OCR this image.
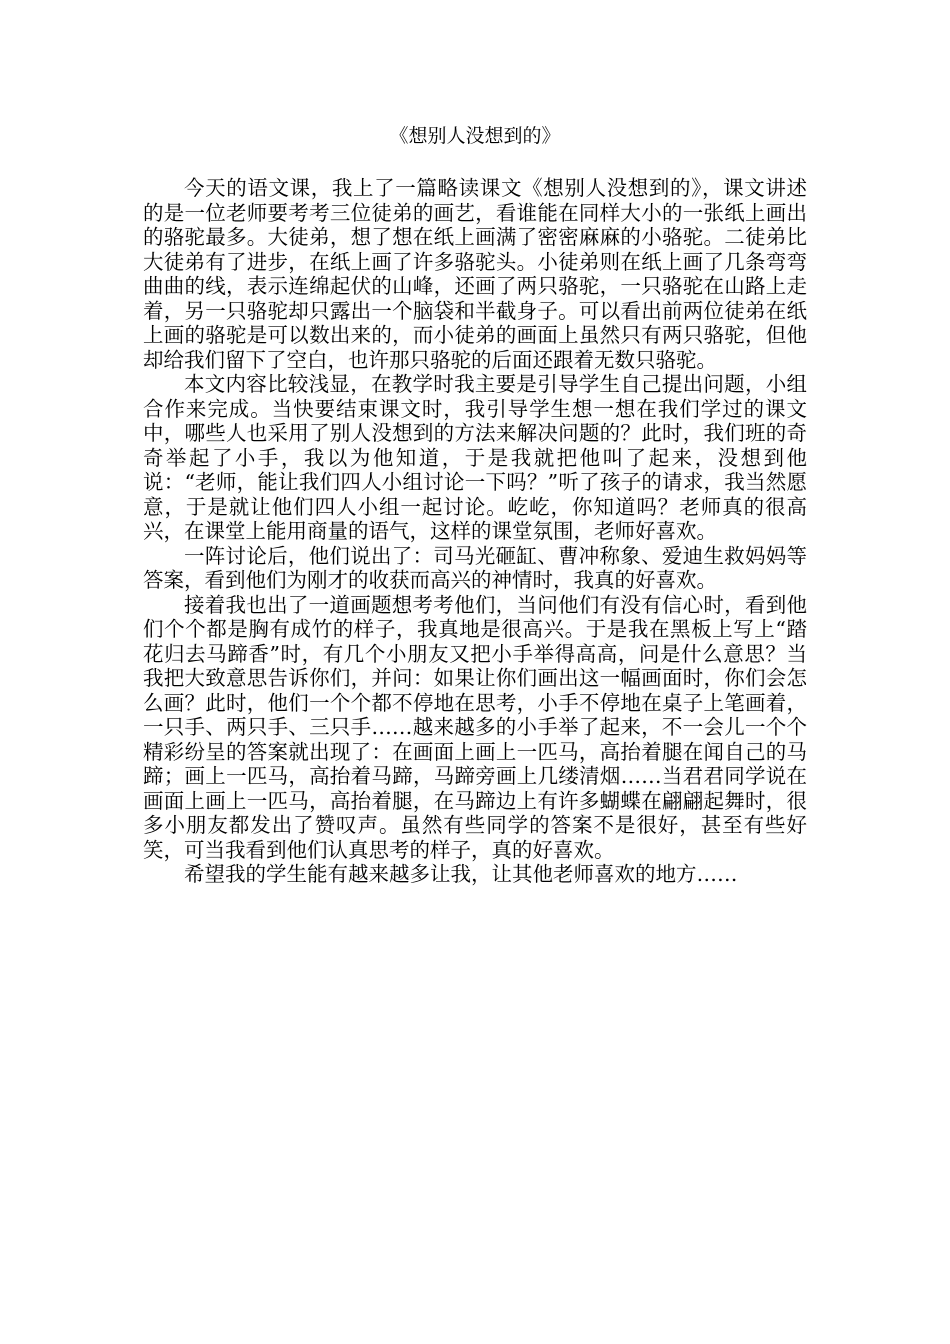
《想别人没想到的》

今天的语文课，我上了一篇略读课文《想别人没想到的》，课文讲述的是一位老师要考考三位徒弟的画艺，看谁能在同样大小的一张纸上画出的骆驼最多。大徒弟，想了想在纸上画满了密密麻麻的小骆驼。二徒弟比大徒弟有了进步，在纸上画了许多骆驼头。小徒弟则在纸上画了几条弯弯曲曲的线，表示连绵起伏的山峰，还画了两只骆驼，一只骆驼在山路上走着，另一只骆驼却只露出一个脑袋和半截身子。可以看出前两位徒弟在纸上画的骆驼是可以数出来的，而小徒弟的画面上虽然只有两只骆驼，但他却给我们留下了空白，也许那只骆驼的后面还跟着无数只骆驼。

本文内容比较浅显，在教学时我主要是引导学生自己提出问题，小组合作来完成。当快要结束课文时，我引导学生想一想在我们学过的课文中，哪些人也采用了别人没想到的方法来解决问题的？此时，我们班的奇奇举起了小手，我以为他知道，于是我就把他叫了起来，没想到他说：“老师，能让我们四人小组讨论一下吗？”听了孩子的请求，我当然愿意，于是就让他们四人小组一起讨论。屹屹，你知道吗？老师真的很高兴，在课堂上能用商量的语气，这样的课堂氛围，老师好喜欢。

一阵讨论后，他们说出了：司马光砸缸、曹冲称象、爱迪生救妈妈等答案，看到他们为刚才的收获而高兴的神情时，我真的好喜欢。

接着我也出了一道画题想考考他们，当问他们有没有信心时，看到他们个个都是胸有成竹的样子，我真地是很高兴。于是我在黑板上写上“踏花归去马蹄香”时，有几个小朋友又把小手举得高高，问是什么意思？当我把大致意思告诉你们，并问：如果让你们画出这一幅画面时，你们会怎么画？此时，他们一个个都不停地在思考，小手不停地在桌子上笔画着，一只手、两只手、三只手……越来越多的小手举了起来，不一会儿一个个精彩纷呈的答案就出现了：在画面上画上一匹马，高抬着腿在闻自己的马蹄；画上一匹马，高抬着马蹄，马蹄旁画上几缕清烟……当君君同学说在画面上画上一匹马，高抬着腿，在马蹄边上有许多蝴蝶在翩翩起舞时，很多小朋友都发出了赞叹声。虽然有些同学的答案不是很好，甚至有些好笑，可当我看到他们认真思考的样子，真的好喜欢。

希望我的学生能有越来越多让我，让其他老师喜欢的地方……
